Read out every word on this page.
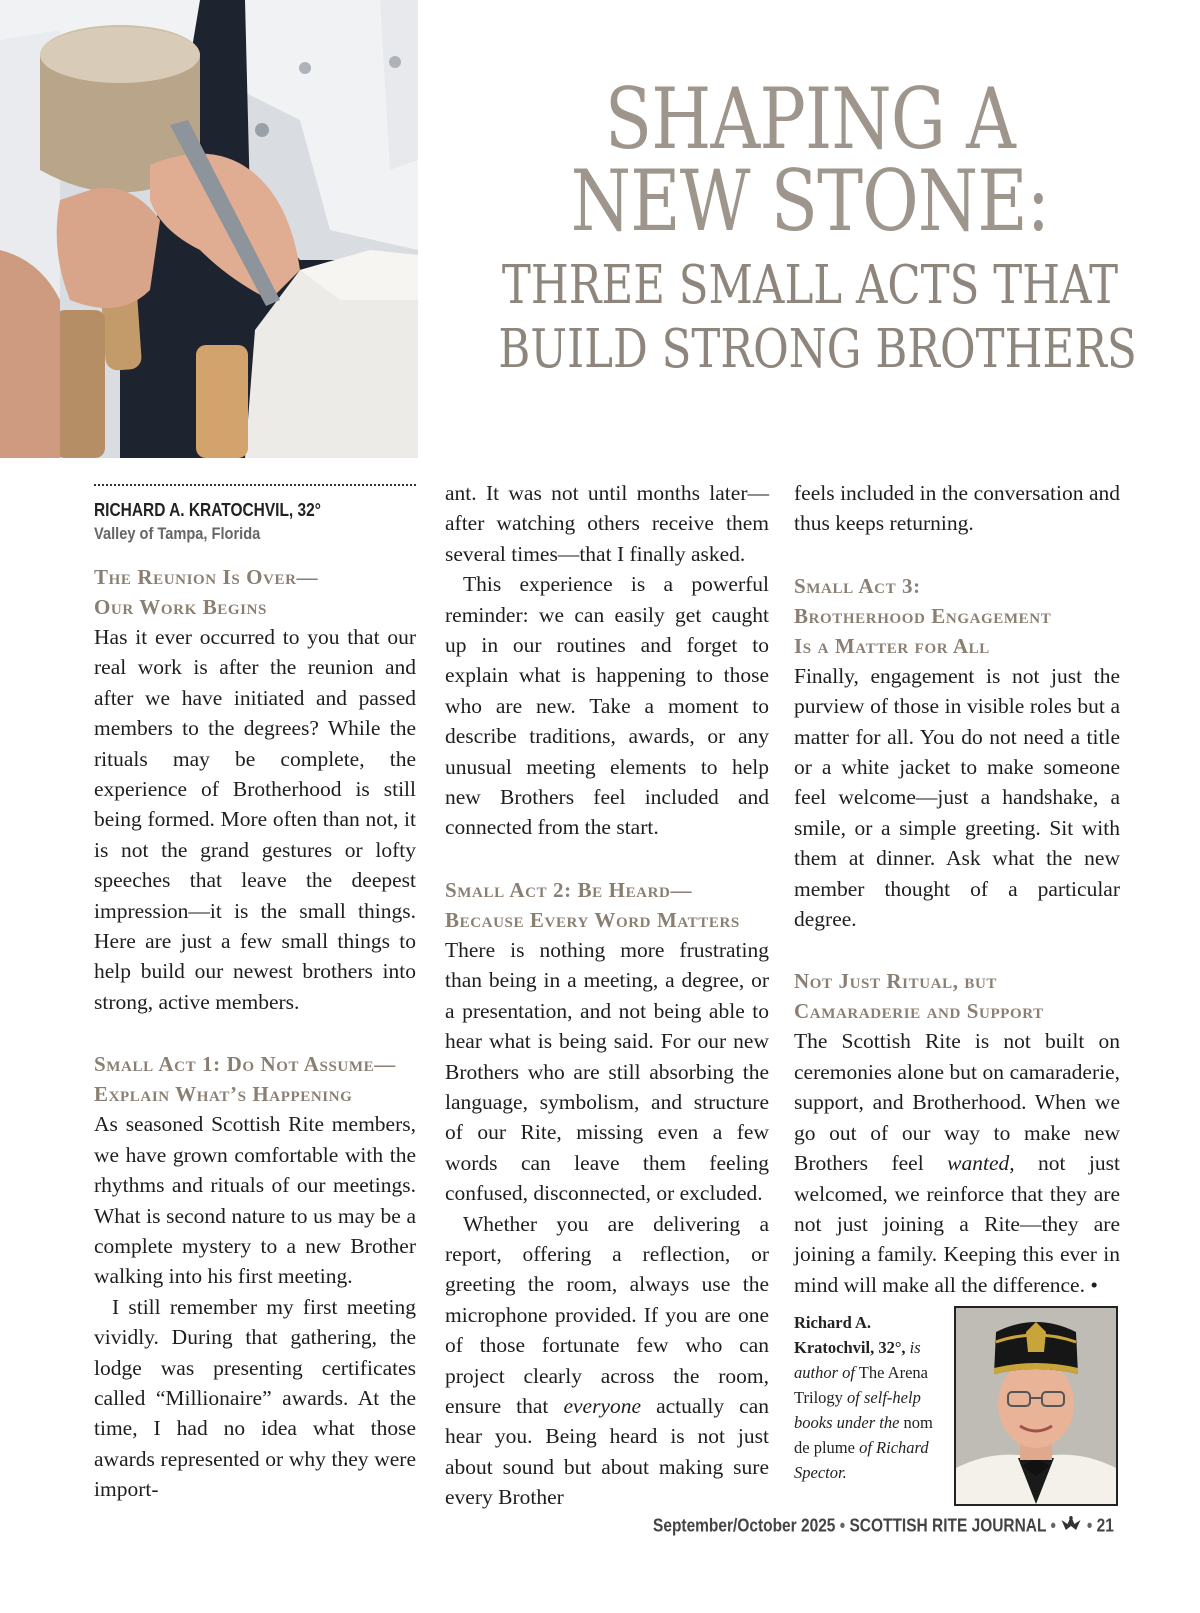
SHAPING A
NEW STONE:
THREE SMALL ACTS THAT
BUILD STRONG BROTHERS
RICHARD A. KRATOCHVIL, 32°
Valley of Tampa, Florida
The Reunion Is Over—
Our Work Begins

Has it ever occurred to you that our real work is after the reunion and after we have initiated and passed members to the degrees? While the rituals may be complete, the experience of Brotherhood is still being formed. More often than not, it is not the grand gestures or lofty speeches that leave the deepest impression—it is the small things. Here are just a few small things to help build our newest brothers into strong, active members.

Small Act 1: Do Not Assume—
Explain What’s Happening

As seasoned Scottish Rite members, we have grown comfortable with the rhythms and rituals of our meetings. What is second nature to us may be a complete mystery to a new Brother walking into his first meeting.

I still remember my first meeting vividly. During that gathering, the lodge was presenting certificates called “Millionaire” awards. At the time, I had no idea what those awards represented or why they were import-

ant. It was not until months later—after watching others receive them several times—that I finally asked.

This experience is a powerful reminder: we can easily get caught up in our routines and forget to explain what is happening to those who are new. Take a moment to describe traditions, awards, or any unusual meeting elements to help new Brothers feel included and connected from the start.

Small Act 2: Be Heard—
Because Every Word Matters

There is nothing more frustrating than being in a meeting, a degree, or a presentation, and not being able to hear what is being said. For our new Brothers who are still absorbing the language, symbolism, and structure of our Rite, missing even a few words can leave them feeling confused, disconnected, or excluded.

Whether you are delivering a report, offering a reflection, or greeting the room, always use the microphone provided. If you are one of those fortunate few who can project clearly across the room, ensure that everyone actually can hear you. Being heard is not just about sound but about making sure every Brother

feels included in the conversation and thus keeps returning.

Small Act 3:
Brotherhood Engagement
Is a Matter for All

Finally, engagement is not just the purview of those in visible roles but a matter for all. You do not need a title or a white jacket to make someone feel welcome—just a handshake, a smile, or a simple greeting. Sit with them at dinner. Ask what the new member thought of a particular degree.

Not Just Ritual, but
Camaraderie and Support

The Scottish Rite is not built on ceremonies alone but on camaraderie, support, and Brotherhood. When we go out of our way to make new Brothers feel wanted, not just welcomed, we reinforce that they are not just joining a Rite—they are joining a family. Keeping this ever in mind will make all the difference. •

Richard A. Kratochvil, 32°, is author of The Arena Trilogy of self-help books under the nom de plume of Richard Spector.
September/October 2025 • SCOTTISH RITE JOURNAL • • 21
